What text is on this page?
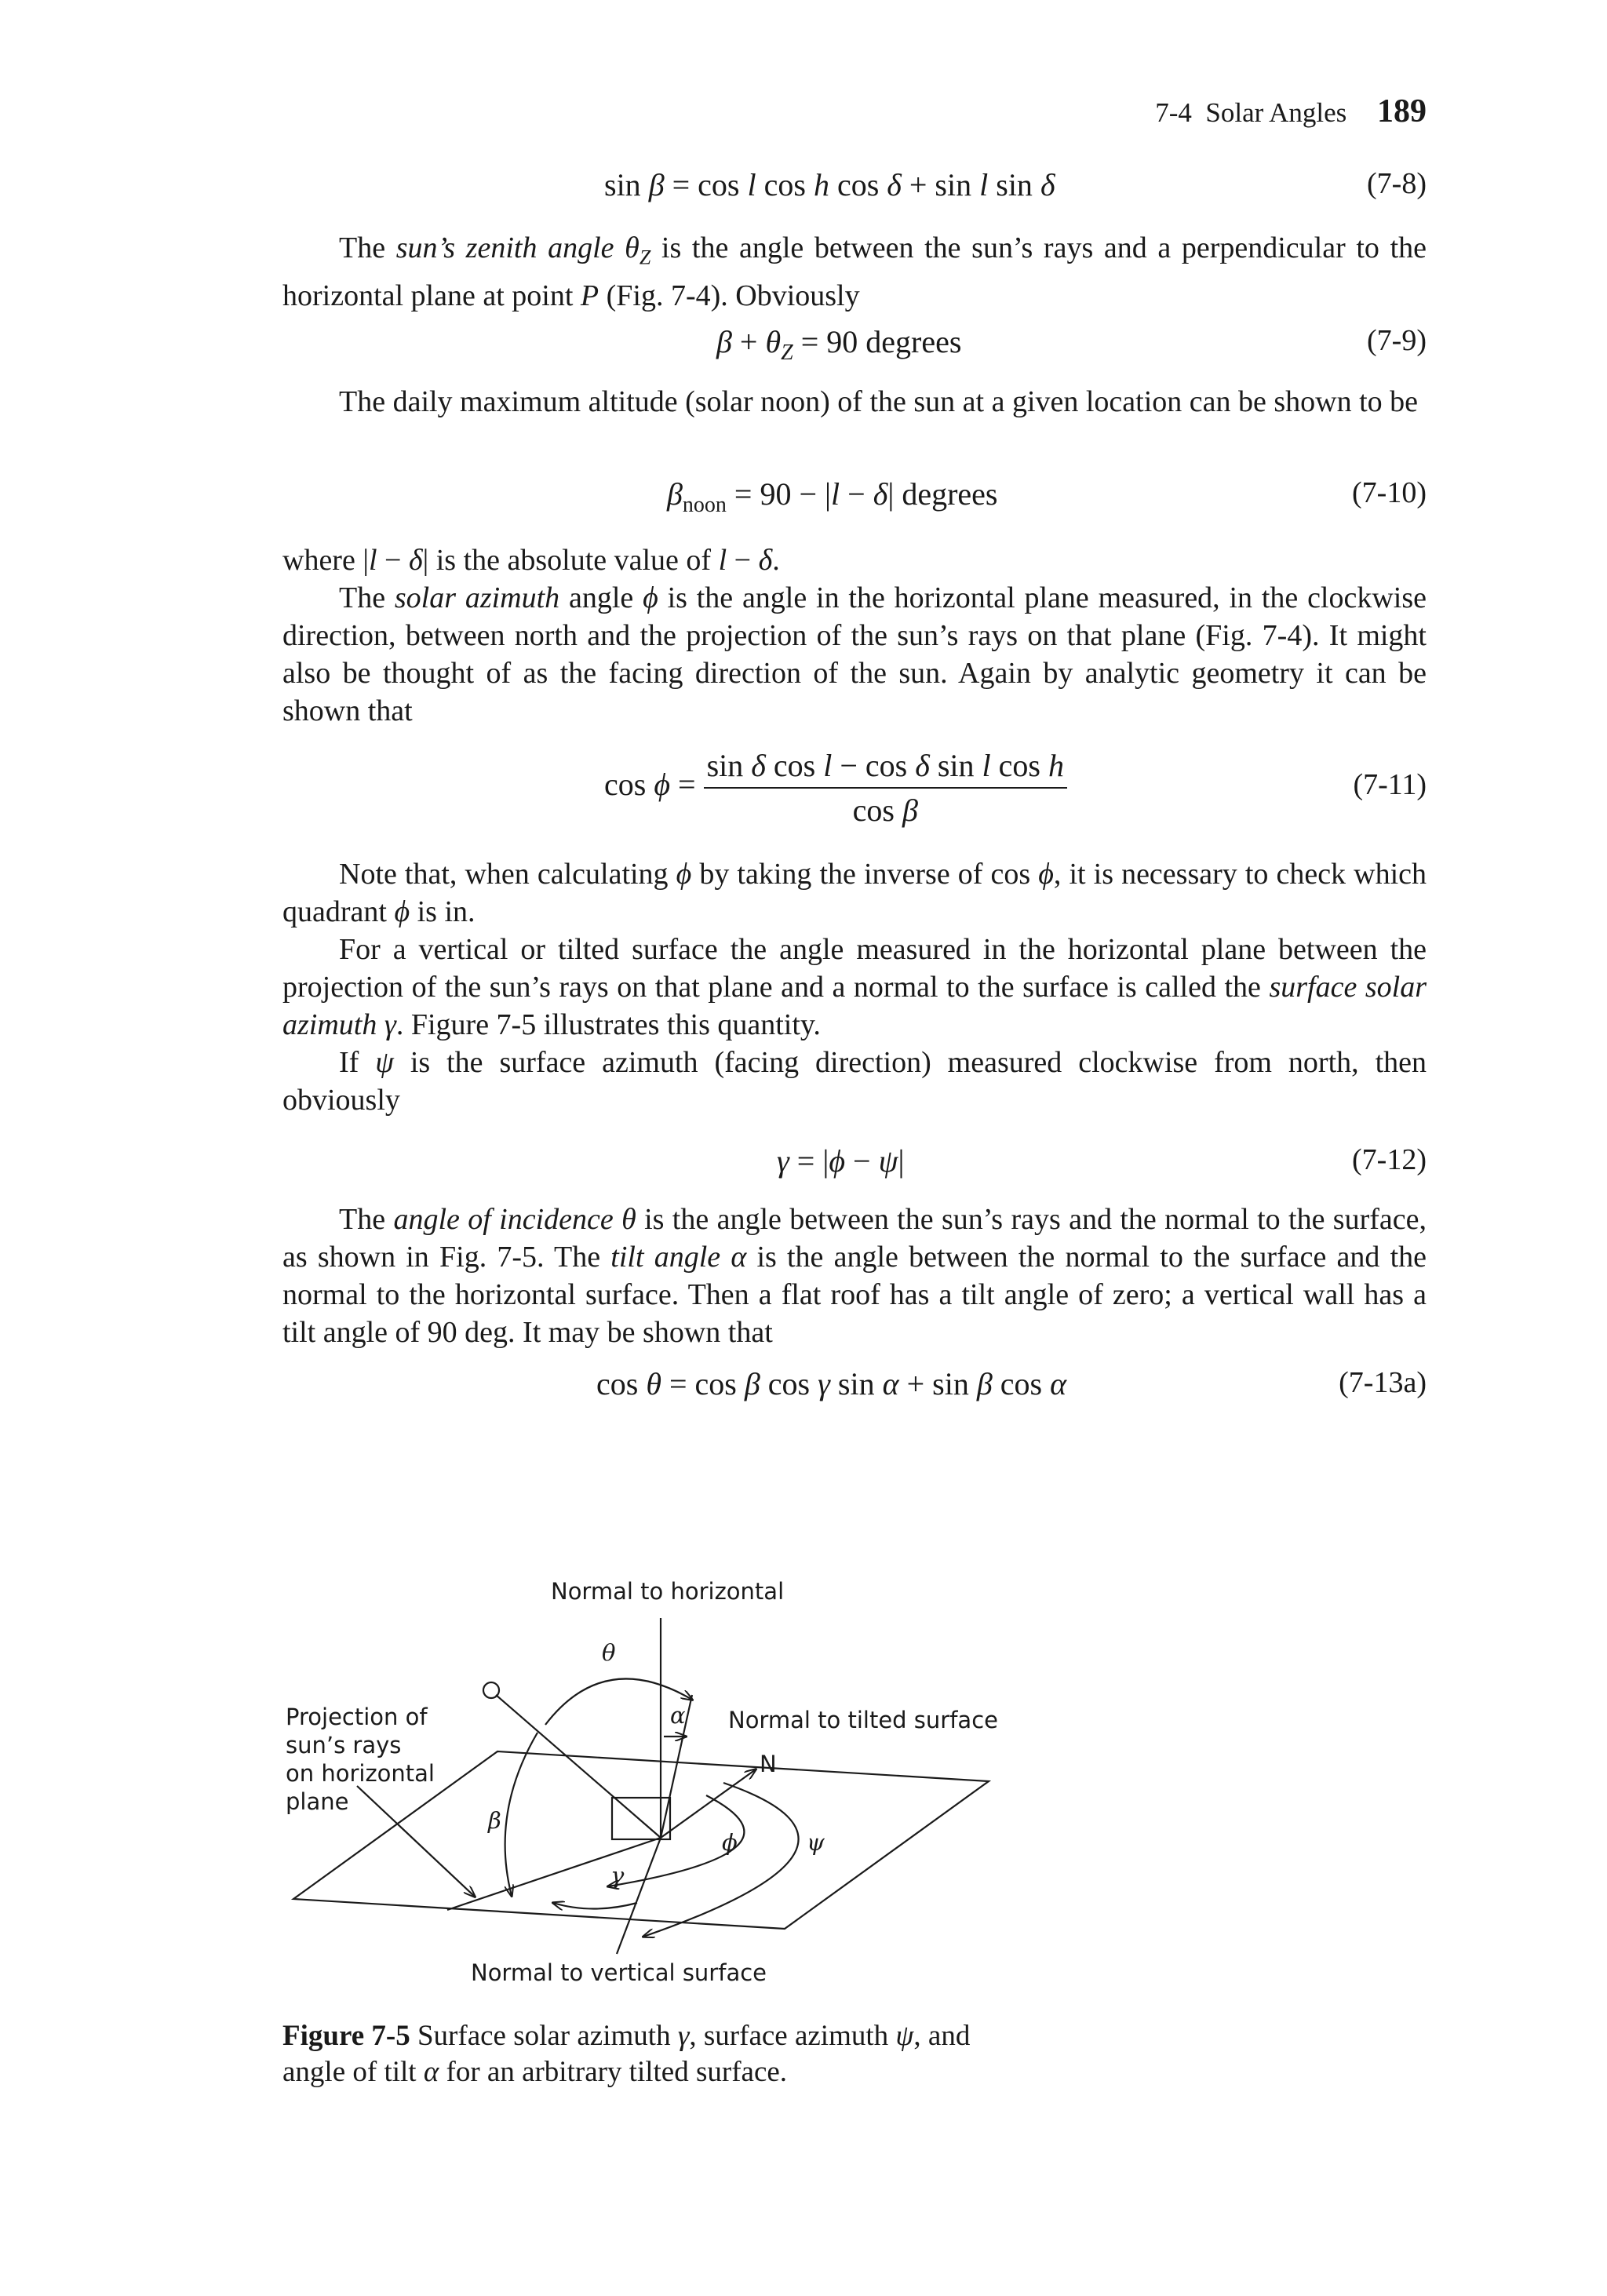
7-4 Solar Angles 189
sin β = cos l cos h cos δ + sin l sin δ	(7-8)

The sun’s zenith angle $\theta_Z$ is the angle between the sun’s rays and a perpendicular to the horizontal plane at point P (Fig. 7-4). Obviously

$\beta + \theta_Z = 90$ degrees	(7-9)

The daily maximum altitude (solar noon) of the sun at a given location can be shown to be

$\beta_{noon} = 90 - |l - \delta|$ degrees	(7-10)

where |l − δ| is the absolute value of l − δ.

The solar azimuth angle ϕ is the angle in the horizontal plane measured, in the clockwise direction, between north and the projection of the sun’s rays on that plane (Fig. 7-4). It might also be thought of as the facing direction of the sun. Again by analytic geometry it can be shown that

$\cos \phi = \frac{\text{sin δ cos l − cos δ sin l cos h}}{\text{cos β}}$	(7-11)

Note that, when calculating ϕ by taking the inverse of cos ϕ, it is necessary to check which quadrant ϕ is in.

For a vertical or tilted surface the angle measured in the horizontal plane between the projection of the sun’s rays on that plane and a normal to the surface is called the surface solar azimuth γ. Figure 7-5 illustrates this quantity.

If ψ is the surface azimuth (facing direction) measured clockwise from north, then obviously

γ = |ϕ − ψ|	(7-12)

The angle of incidence θ is the angle between the sun’s rays and the normal to the surface, as shown in Fig. 7-5. The tilt angle α is the angle between the normal to the surface and the normal to the horizontal surface. Then a flat roof has a tilt angle of zero; a vertical wall has a tilt angle of 90 deg. It may be shown that

cos θ = cos β cos γ sin α + sin β cos α	(7-13a)
Normal to horizontal
Normal to tilted surface
N
Projection of sun’s rays on horizontal plane
Normal to vertical surface
θ
α
β
ϕ	ψ
γ
Figure 7-5 Surface solar azimuth γ, surface azimuth ψ, and angle of tilt α for an arbitrary tilted surface.
